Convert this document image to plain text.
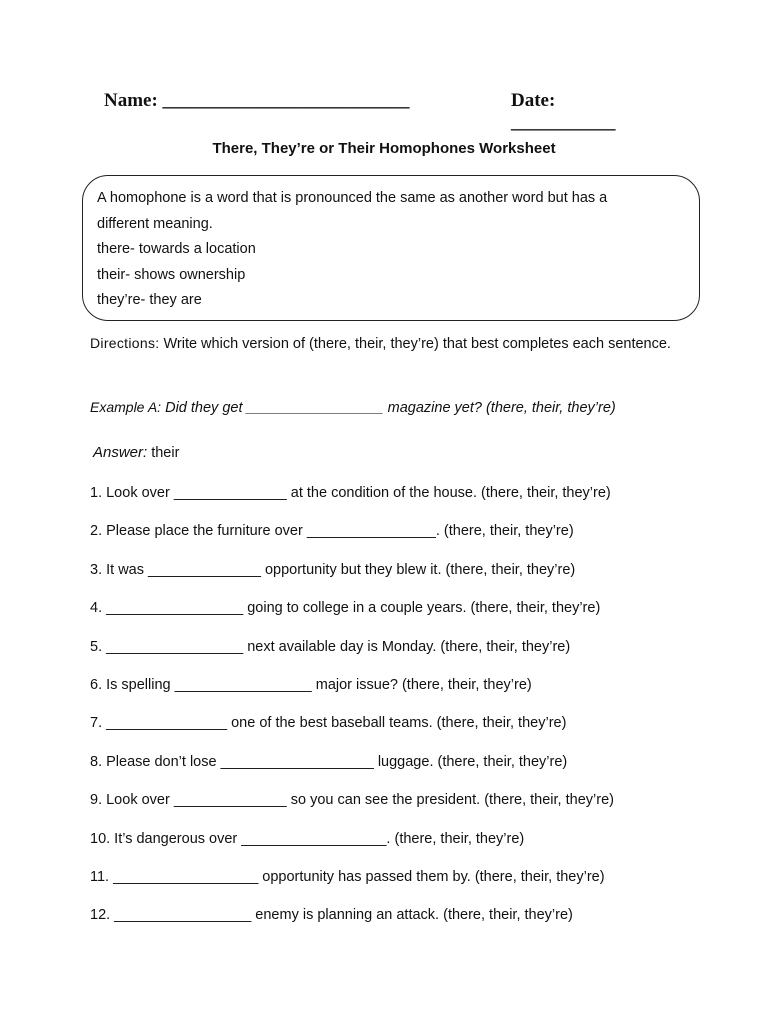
Name: __________________________	Date: ___________
There, They’re or Their Homophones Worksheet
A homophone is a word that is pronounced the same as another word but has a
different meaning.
there- towards a location
their- shows ownership
they’re- they are
Directions: Write which version of (there, their, they’re) that best completes each sentence.
Example A: Did they get _________________ magazine yet? (there, their, they’re)
Answer: their
1. Look over ______________ at the condition of the house. (there, their, they’re)
2. Please place the furniture over ________________. (there, their, they’re)
3. It was ______________ opportunity but they blew it. (there, their, they’re)
4. _________________ going to college in a couple years. (there, their, they’re)
5. _________________ next available day is Monday. (there, their, they’re)
6. Is spelling _________________ major issue? (there, their, they’re)
7. _______________ one of the best baseball teams. (there, their, they’re)
8. Please don’t lose ___________________ luggage. (there, their, they’re)
9. Look over ______________ so you can see the president. (there, their, they’re)
10. It’s dangerous over __________________. (there, their, they’re)
11. __________________ opportunity has passed them by. (there, their, they’re)
12. _________________ enemy is planning an attack. (there, their, they’re)
